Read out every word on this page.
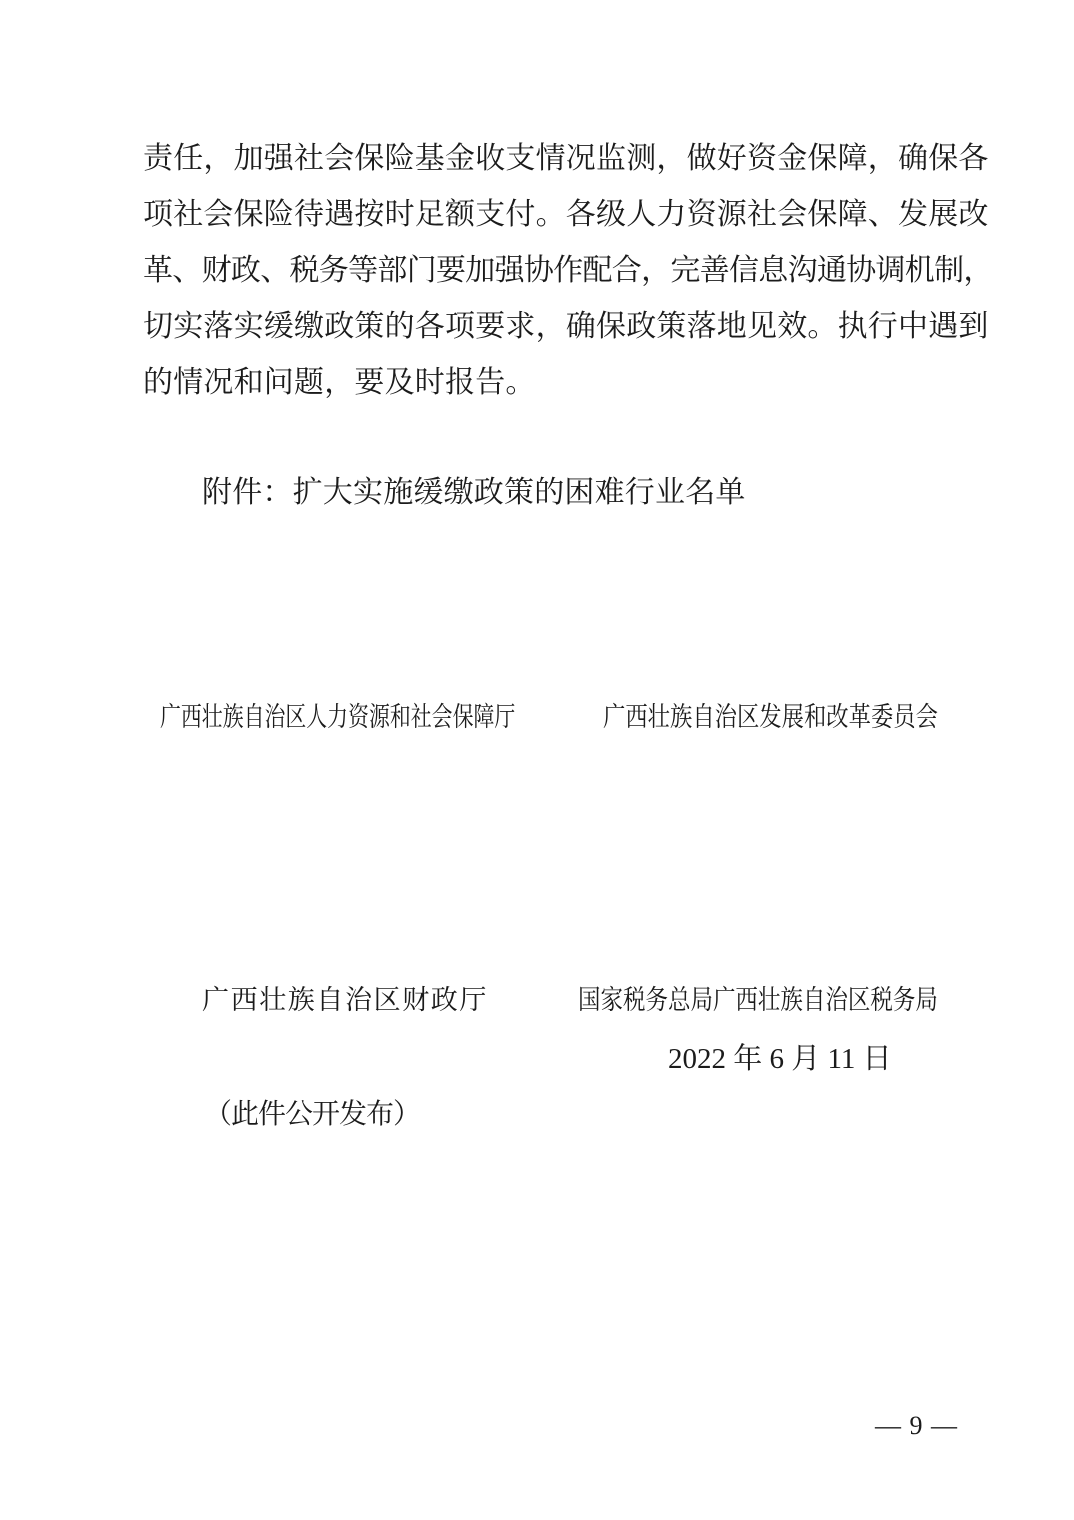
责任，加强社会保险基金收支情况监测，做好资金保障，确保各
项社会保险待遇按时足额支付。各级人力资源社会保障、发展改
革、财政、税务等部门要加强协作配合，完善信息沟通协调机制，
切实落实缓缴政策的各项要求，确保政策落地见效。执行中遇到
的情况和问题，要及时报告。
附件：扩大实施缓缴政策的困难行业名单
广西壮族自治区人力资源和社会保障厅	广西壮族自治区发展和改革委员会
广西壮族自治区财政厅	国家税务总局广西壮族自治区税务局
2022 年 6 月 11 日
（此件公开发布）
— 9 —
